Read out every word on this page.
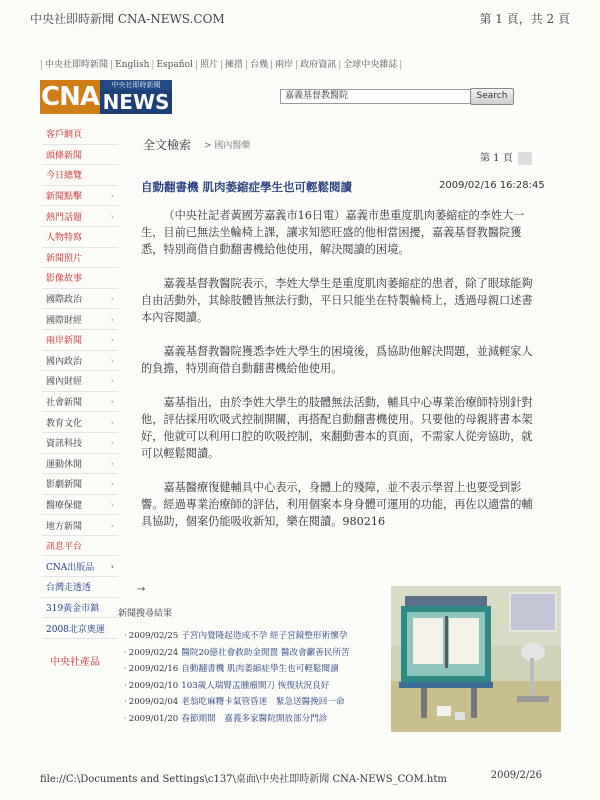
中央社即時新聞 CNA-NEWS.COM	第 1 頁，共 2 頁
| 中央社即時新聞 | English | Español | 照片 | 擁措 | 台幾 | 兩岸 | 政府資訊 | 全球中央雜誌 |
CNA	中央社即時新聞
NEWS	嘉義基督教醫院	Search
客戶網頁
頭條新聞
今日總覽
新聞點擊	›
熱門話題	›
人物特寫
新聞照片
影像故事
國際政治	›
國際財經	›
兩岸新聞	›
國內政治	›
國內財經	›
社會新聞	›
教育文化	›
資訊科技	›
運動休閒	›
影劇新聞	›
醫療保健	›
地方新聞	›
訊息平台
CNA出版品 ›
台灣走透透
319黃金市鎮
2008北京奧運
中央社產品
全文檢索 > 國內醫藥
第 1 頁
自動翻書機 肌肉萎縮症學生也可輕鬆閱讀	2009/02/16 16:28:45

（中央社記者黃國芳嘉義市16日電）嘉義市患重度肌肉萎縮症的李姓大一生，目前已無法坐輪椅上課，讓求知慾旺盛的他相當困擾，嘉義基督教醫院獲悉，特別商借自動翻書機給他使用，解決閱讀的困境。

嘉義基督教醫院表示，李姓大學生是重度肌肉萎縮症的患者，除了眼球能夠自由活動外，其餘肢體皆無法行動，平日只能坐在特製輪椅上，透過母親口述書本內容閱讀。

嘉義基督教醫院獲悉李姓大學生的困境後，爲協助他解決問題，並減輕家人的負擔，特別商借自動翻書機給他使用。

嘉基指出，由於李姓大學生的肢體無法活動，輔具中心專業治療師特別針對他，評估採用吹吸式控制開關，再搭配自動翻書機使用。只要他的母親將書本架好，他就可以利用口腔的吹吸控制，來翻動書本的頁面，不需家人從旁協助，就可以輕鬆閱讀。

嘉基醫療復健輔具中心表示，身體上的殘障，並不表示學習上也要受到影響。經過專業治療師的評估，利用個案本身身體可運用的功能，再佐以適當的輔具協助，個案仍能吸收新知，樂在閱讀。980216

→
新聞搜尋結果
· 2009/02/25 子宮內覺隆起造成不孕 經子宮鏡整形術懷孕
· 2009/02/24 醫院20億社會救助金閒置 醫改會籲善民所苦
· 2009/02/16 自動翻書機 肌肉萎縮症學生也可輕鬆閱讀
· 2009/02/10 103歲人瑞腎盂腫瘤開刀 恢復狀況良好
· 2009/02/04 老翁吃麻糬卡氣管昏迷　緊急送醫挽回一命
· 2009/01/20 春節期間　嘉義多家醫院開放部分門診
file://C:\Documents and Settings\c137\桌面\中央社即時新聞 CNA-NEWS_COM.htm	2009/2/26
